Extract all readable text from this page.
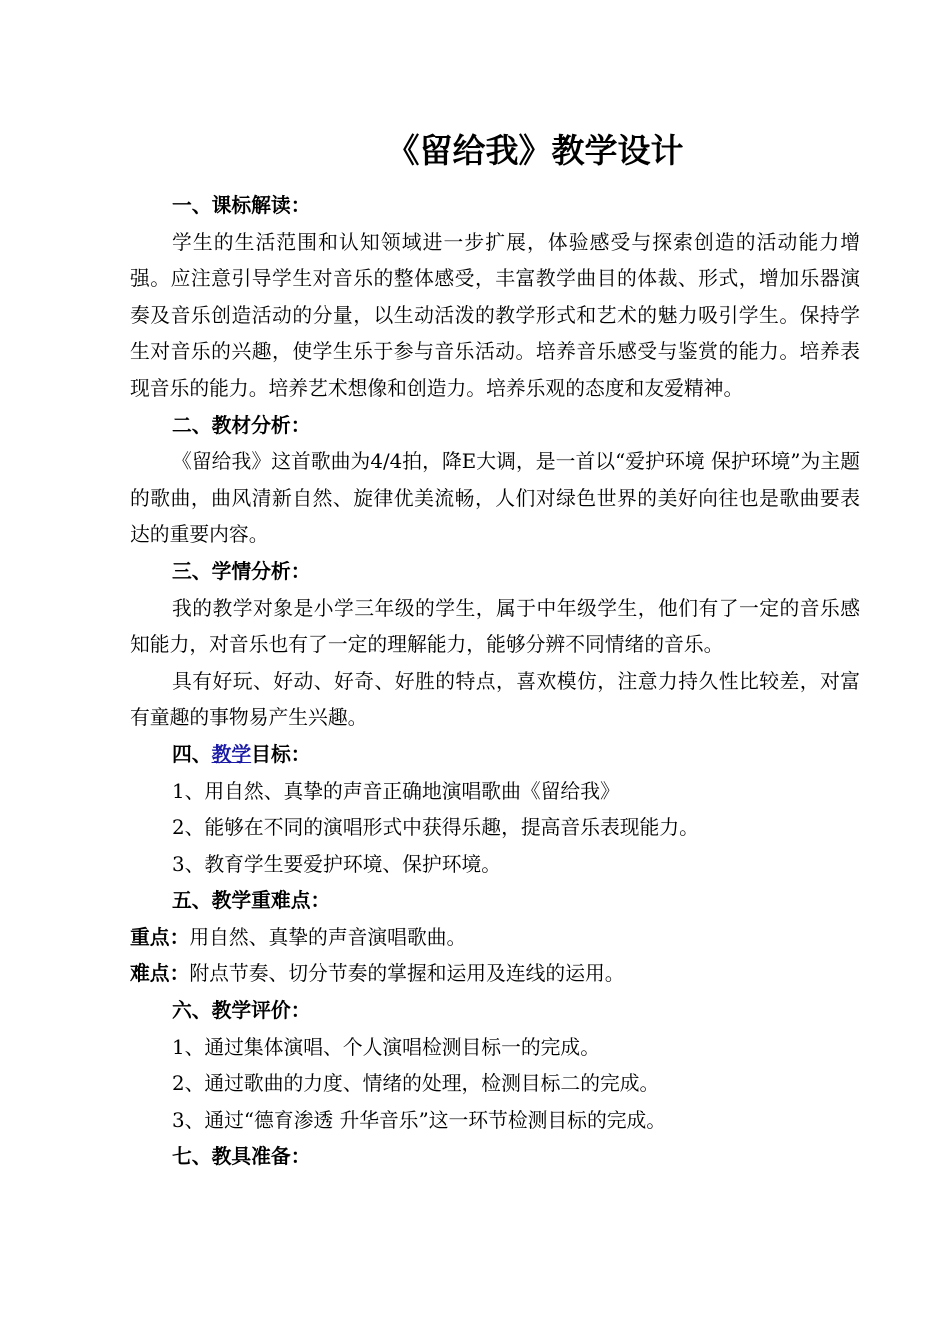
《留给我》教学设计

一、课标解读：

学生的生活范围和认知领域进一步扩展，体验感受与探索创造的活动能力增强。应注意引导学生对音乐的整体感受，丰富教学曲目的体裁、形式，增加乐器演奏及音乐创造活动的分量，以生动活泼的教学形式和艺术的魅力吸引学生。保持学生对音乐的兴趣，使学生乐于参与音乐活动。培养音乐感受与鉴赏的能力。培养表现音乐的能力。培养艺术想像和创造力。培养乐观的态度和友爱精神。

二、教材分析：

《留给我》这首歌曲为4/4拍，降E大调，是一首以“爱护环境 保护环境”为主题的歌曲，曲风清新自然、旋律优美流畅，人们对绿色世界的美好向往也是歌曲要表达的重要内容。

三、学情分析：

我的教学对象是小学三年级的学生，属于中年级学生，他们有了一定的音乐感知能力，对音乐也有了一定的理解能力，能够分辨不同情绪的音乐。

具有好玩、好动、好奇、好胜的特点，喜欢模仿，注意力持久性比较差，对富有童趣的事物易产生兴趣。

四、教学目标：

1、用自然、真挚的声音正确地演唱歌曲《留给我》

2、能够在不同的演唱形式中获得乐趣，提高音乐表现能力。

3、教育学生要爱护环境、保护环境。

五、教学重难点：

重点：用自然、真挚的声音演唱歌曲。

难点：附点节奏、切分节奏的掌握和运用及连线的运用。

六、教学评价：

1、通过集体演唱、个人演唱检测目标一的完成。

2、通过歌曲的力度、情绪的处理，检测目标二的完成。

3、通过“德育渗透 升华音乐”这一环节检测目标的完成。

七、教具准备：
